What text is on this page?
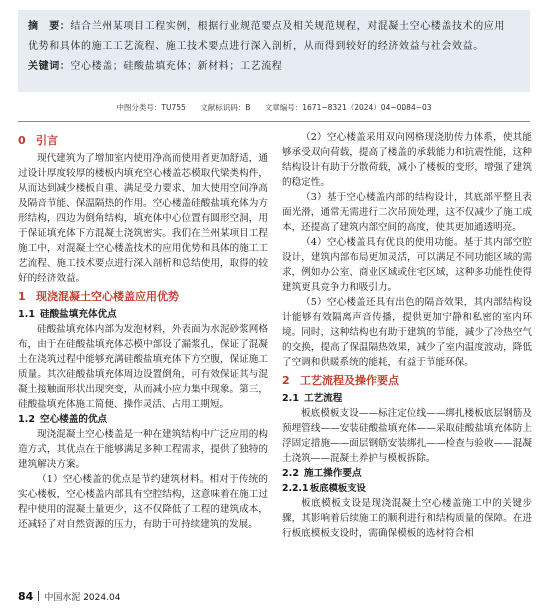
摘　要：结合兰州某项目工程实例，根据行业规范要点及相关规范规程，对混凝土空心楼盖技术的应用
优势和具体的施工工艺流程、施工技术要点进行深入剖析，从而得到较好的经济效益与社会效益。
关键词：空心楼盖；硅酸盐填充体；新材料；工艺流程
中图分类号：TU755 文献标识码：B 文章编号：1671−8321（2024）04−0084−03
0 引言
现代建筑为了增加室内使用净高而使用者更加舒适，通过设计厚度较厚的楼板内填充空心楼盖芯模取代梁类构件，从而达到减少楼板自重、满足受力要求、加大使用空间净高及隔音节能、保温隔热的作用。空心楼盖硅酸盐填充体为方形结构，四边为倒角结构，填充体中心位置有圆形空洞，用于保证填充体下方混凝土浇筑密实。我们在兰州某项目工程施工中，对混凝土空心楼盖技术的应用优势和具体的施工工艺流程、施工技术要点进行深入剖析和总结使用，取得的较好的经济效益。
1 现浇混凝土空心楼盖应用优势
1.1 硅酸盐填充体优点
硅酸盐填充体内部为发泡材料，外表面为水泥砂浆网格布，由于在硅酸盐填充体芯模中部设了漏浆孔，保证了混凝土在浇筑过程中能够充满硅酸盐填充体下方空腹，保证施工质量。其次硅酸盐填充体周边设置倒角，可有效保证其与混凝土接触面形状出现突变，从而减小应力集中现象。第三，硅酸盐填充体施工简便、操作灵活、占用工期短。
1.2 空心楼盖的优点
现浇混凝土空心楼盖是一种在建筑结构中广泛应用的构造方式，其优点在于能够满足多种工程需求，提供了独特的建筑解决方案。
（1）空心楼盖的优点是节约建筑材料。相对于传统的实心楼板，空心楼盖内部具有空腔结构，这意味着在施工过程中使用的混凝土量更少，这不仅降低了工程的建筑成本，还减轻了对自然资源的压力，有助于可持续建筑的发展。
（2）空心楼盖采用双向网格现浇肋传力体系，使其能够承受双向荷载，提高了楼盖的承载能力和抗震性能，这种结构设计有助于分散荷载，减小了楼板的变形，增强了建筑的稳定性。
（3）基于空心楼盖内部的结构设计，其底部平整且表面光滑，通常无需进行二次吊顶处理，这不仅减少了施工成本，还提高了建筑内部空间的高度，使其更加通透明亮。
（4）空心楼盖具有优良的使用功能。基于其内部空腔设计，建筑内部布局更加灵活，可以满足不同功能区域的需求，例如办公室、商业区域或住宅区域，这种多功能性使得建筑更具竞争力和吸引力。
（5）空心楼盖还具有出色的隔音效果，其内部结构设计能够有效隔离声音传播，提供更加宁静和私密的室内环境。同时，这种结构也有助于建筑的节能，减少了冷热空气的交换，提高了保温隔热效果，减少了室内温度波动，降低了空调和供暖系统的能耗，有益于节能环保。
2 工艺流程及操作要点
2.1 工艺流程
板底模板支设——标注定位线——绑扎楼板底层钢筋及预埋管线——安装硅酸盐填充体——采取硅酸盐填充体防上浮固定措施——面层钢筋安装绑扎——检查与验收——混凝土浇筑——混凝土养护与模板拆除。
2.2 施工操作要点
2.2.1 板底模板支设
板底模板支设是现浇混凝土空心楼盖施工中的关键步骤，其影响着后续施工的顺利进行和结构质量的保障。在进行板底模板支设时，需确保模板的选材符合相
84 中国水泥 2024.04
